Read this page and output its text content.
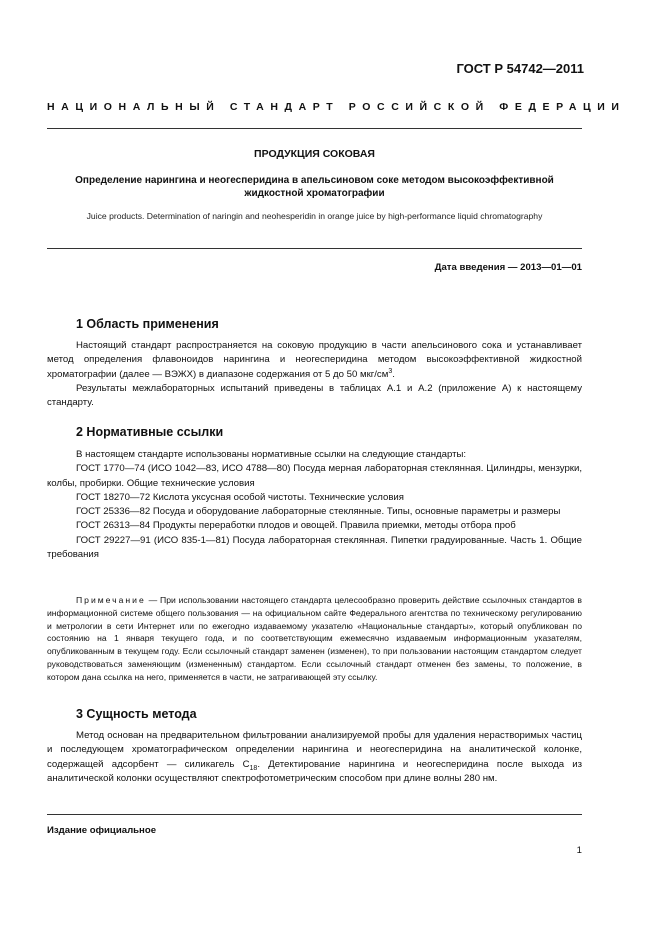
ГОСТ Р 54742—2011
НАЦИОНАЛЬНЫЙ СТАНДАРТ РОССИЙСКОЙ ФЕДЕРАЦИИ
ПРОДУКЦИЯ СОКОВАЯ
Определение нарингина и неогесперидина в апельсиновом соке методом высокоэффективной жидкостной хроматографии
Juice products. Determination of naringin and neohesperidin in orange juice by high-performance liquid chromatography
Дата введения — 2013—01—01
1 Область применения

Настоящий стандарт распространяется на соковую продукцию в части апельсинового сока и устанавливает метод определения флавоноидов нарингина и неогесперидина методом высокоэффективной жидкостной хроматографии (далее — ВЭЖХ) в диапазоне содержания от 5 до 50 мкг/$см^3$.

Результаты межлабораторных испытаний приведены в таблицах А.1 и А.2 (приложение А) к настоящему стандарту.

2 Нормативные ссылки

В настоящем стандарте использованы нормативные ссылки на следующие стандарты:

ГОСТ 1770—74 (ИСО 1042—83, ИСО 4788—80) Посуда мерная лабораторная стеклянная. Цилиндры, мензурки, колбы, пробирки. Общие технические условия

ГОСТ 18270—72 Кислота уксусная особой чистоты. Технические условия

ГОСТ 25336—82 Посуда и оборудование лабораторные стеклянные. Типы, основные параметры и размеры

ГОСТ 26313—84 Продукты переработки плодов и овощей. Правила приемки, методы отбора проб

ГОСТ 29227—91 (ИСО 835-1—81) Посуда лабораторная стеклянная. Пипетки градуированные. Часть 1. Общие требования

Примечание — При использовании настоящего стандарта целесообразно проверить действие ссылочных стандартов в информационной системе общего пользования — на официальном сайте Федерального агентства по техническому регулированию и метрологии в сети Интернет или по ежегодно издаваемому указателю «Национальные стандарты», который опубликован по состоянию на 1 января текущего года, и по соответствующим ежемесячно издаваемым информационным указателям, опубликованным в текущем году. Если ссылочный стандарт заменен (изменен), то при пользовании настоящим стандартом следует руководствоваться заменяющим (измененным) стандартом. Если ссылочный стандарт отменен без замены, то положение, в котором дана ссылка на него, применяется в части, не затрагивающей эту ссылку.

3 Сущность метода

Метод основан на предварительном фильтровании анализируемой пробы для удаления нерастворимых частиц и последующем хроматографическом определении нарингина и неогесперидина на аналитической колонке, содержащей адсорбент — силикагель $С_{18}$. Детектирование нарингина и неогесперидина после выхода из аналитической колонки осуществляют спектрофотометрическим способом при длине волны 280 нм.

Издание официальное
1
